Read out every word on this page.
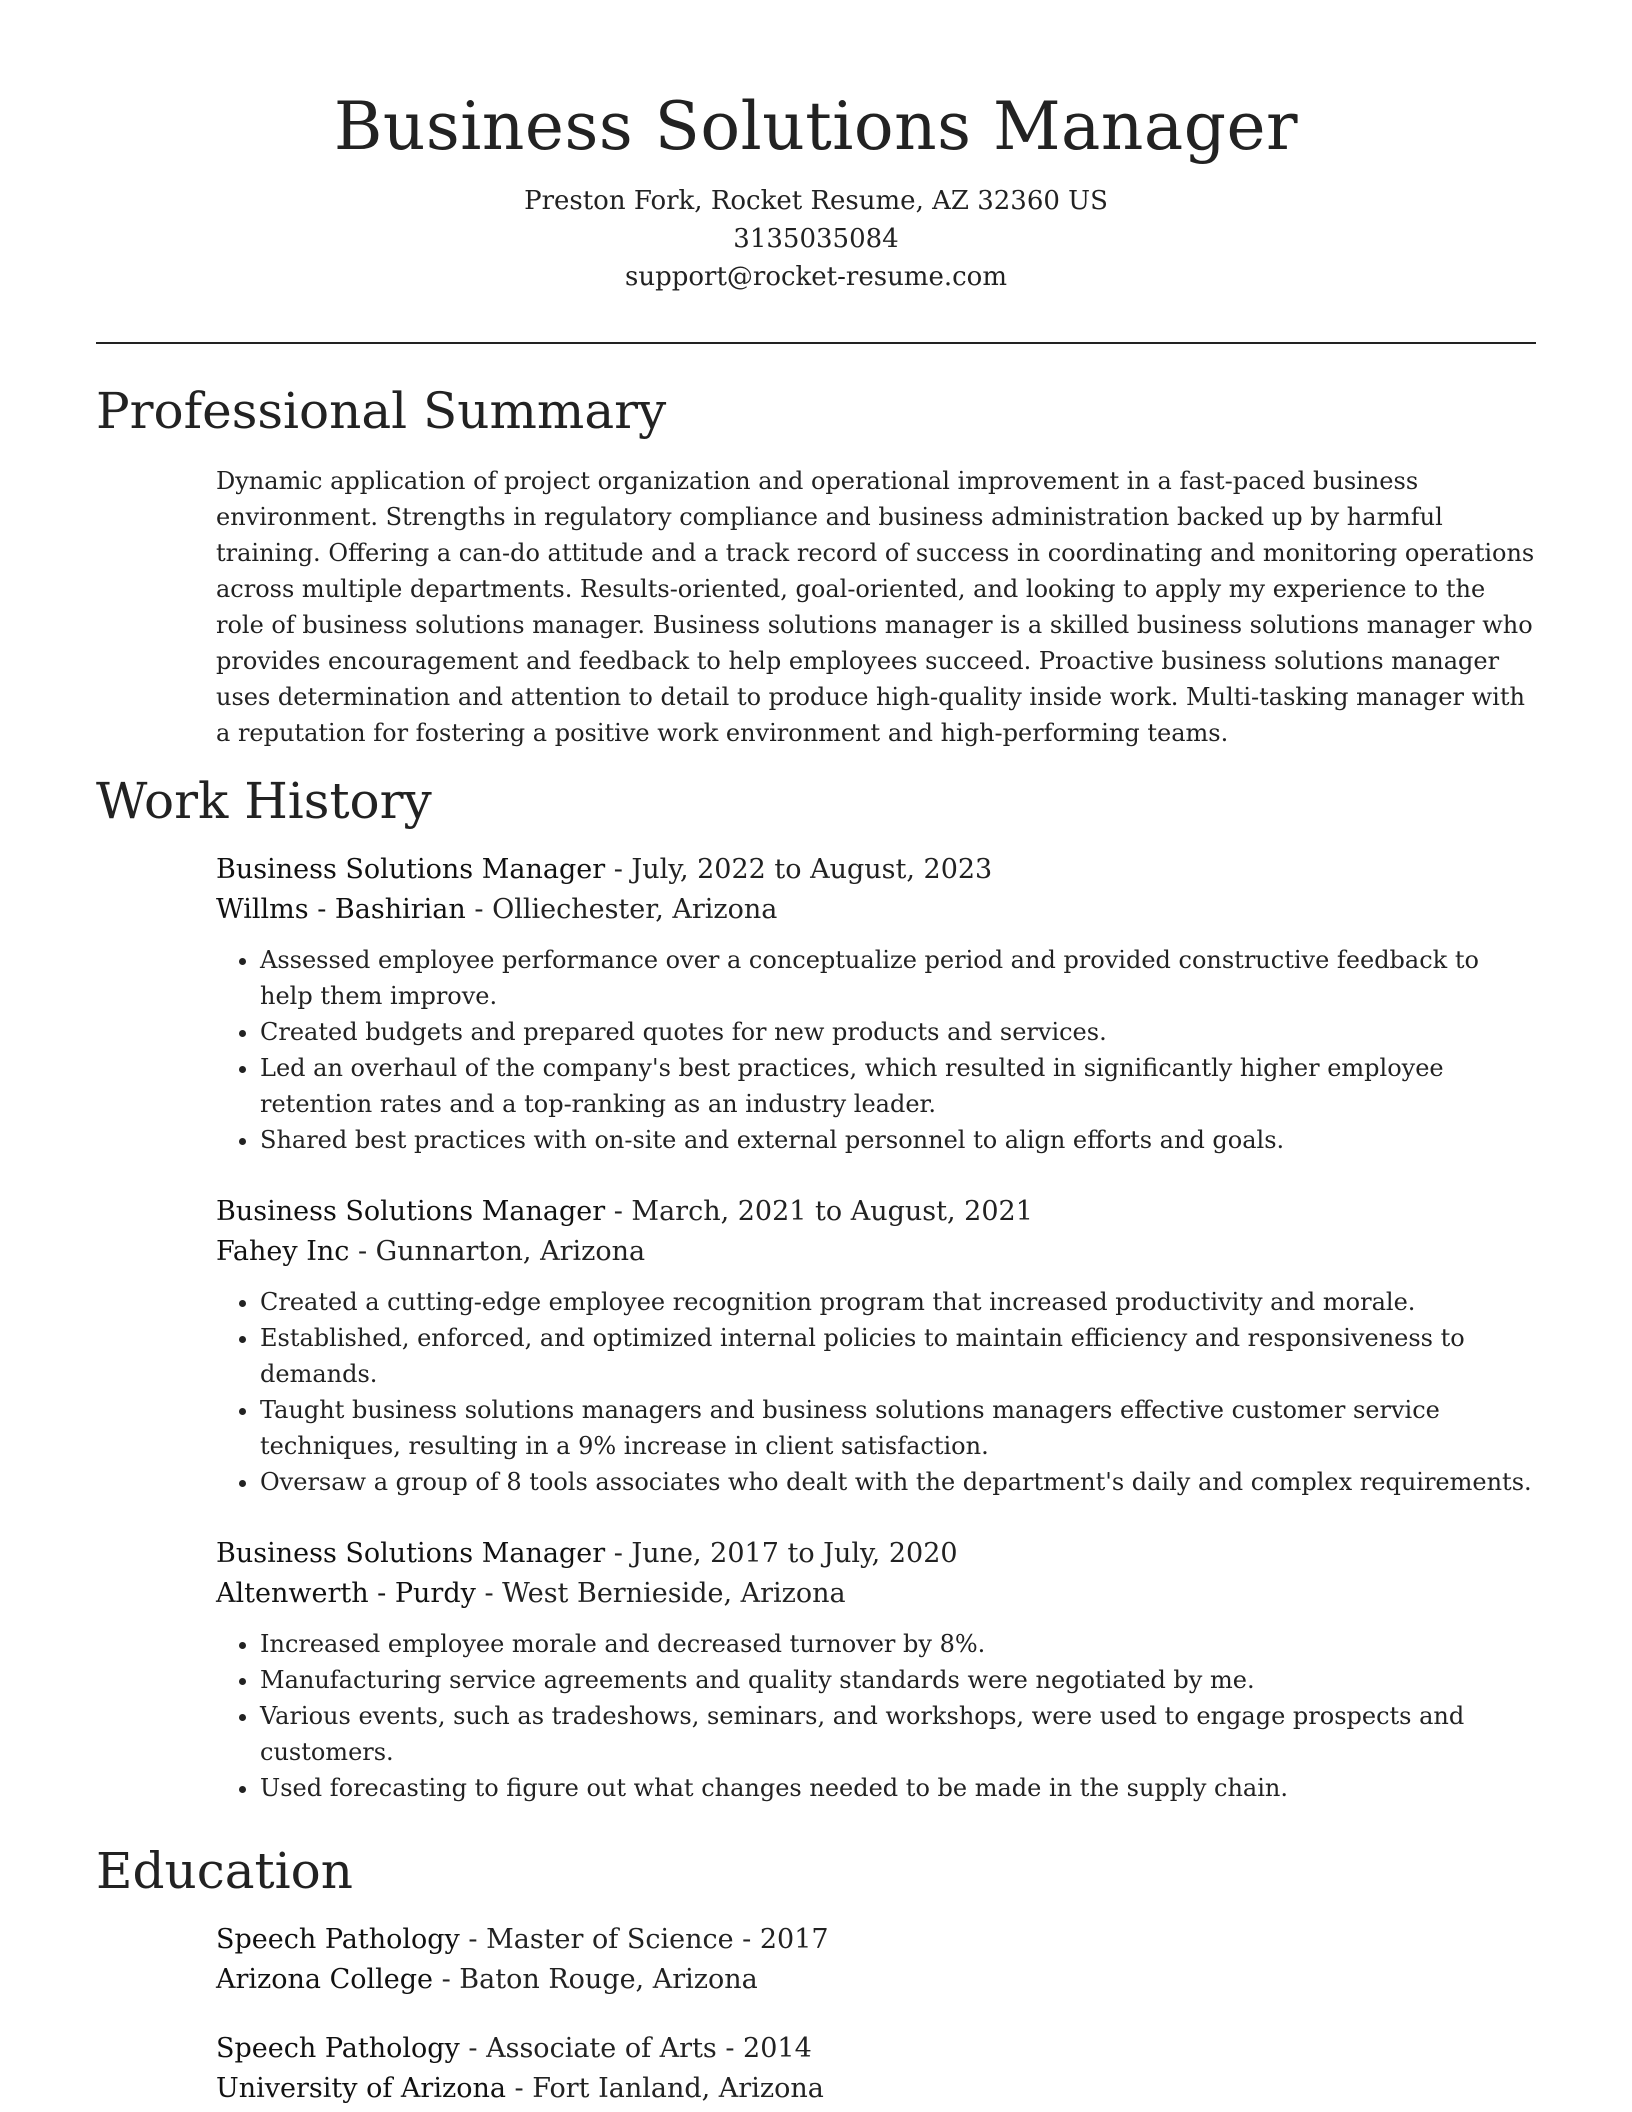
Business Solutions Manager
Preston Fork, Rocket Resume, AZ 32360 US
3135035084
support@rocket-resume.com
Professional Summary

Dynamic application of project organization and operational improvement in a fast-paced business environment. Strengths in regulatory compliance and business administration backed up by harmful training. Offering a can-do attitude and a track record of success in coordinating and monitoring operations across multiple departments. Results-oriented, goal-oriented, and looking to apply my experience to the role of business solutions manager. Business solutions manager is a skilled business solutions manager who provides encouragement and feedback to help employees succeed. Proactive business solutions manager uses determination and attention to detail to produce high-quality inside work. Multi-tasking manager with a reputation for fostering a positive work environment and high-performing teams.

Work History
Business Solutions Manager - July, 2022 to August, 2023
Willms - Bashirian - Olliechester, Arizona
• Assessed employee performance over a conceptualize period and provided constructive feedback to help them improve.
• Created budgets and prepared quotes for new products and services.
• Led an overhaul of the company's best practices, which resulted in significantly higher employee retention rates and a top-ranking as an industry leader.
• Shared best practices with on-site and external personnel to align efforts and goals.
Business Solutions Manager - March, 2021 to August, 2021
Fahey Inc - Gunnarton, Arizona
• Created a cutting-edge employee recognition program that increased productivity and morale.
• Established, enforced, and optimized internal policies to maintain efficiency and responsiveness to demands.
• Taught business solutions managers and business solutions managers effective customer service techniques, resulting in a 9% increase in client satisfaction.
• Oversaw a group of 8 tools associates who dealt with the department's daily and complex requirements.
Business Solutions Manager - June, 2017 to July, 2020
Altenwerth - Purdy - West Bernieside, Arizona
• Increased employee morale and decreased turnover by 8%.
• Manufacturing service agreements and quality standards were negotiated by me.
• Various events, such as tradeshows, seminars, and workshops, were used to engage prospects and customers.
• Used forecasting to figure out what changes needed to be made in the supply chain.
Education
Speech Pathology - Master of Science - 2017
Arizona College - Baton Rouge, Arizona
Speech Pathology - Associate of Arts - 2014
University of Arizona - Fort Ianland, Arizona
